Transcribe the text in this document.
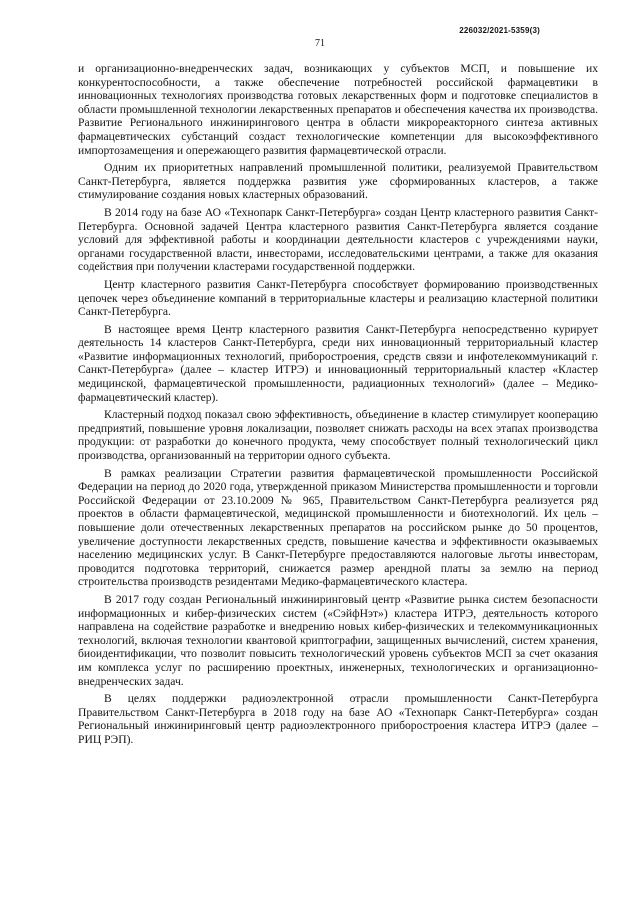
226032/2021-5359(3)
71

и организационно-внедренческих задач, возникающих у субъектов МСП, и повышение их конкурентоспособности, а также обеспечение потребностей российской фармацевтики в инновационных технологиях производства готовых лекарственных форм и подготовке специалистов в области промышленной технологии лекарственных препаратов и обеспечения качества их производства. Развитие Регионального инжинирингового центра в области микрореакторного синтеза активных фармацевтических субстанций создаст технологические компетенции для высокоэффективного импортозамещения и опережающего развития фармацевтической отрасли.

Одним их приоритетных направлений промышленной политики, реализуемой Правительством Санкт-Петербурга, является поддержка развития уже сформированных кластеров, а также стимулирование создания новых кластерных образований.

В 2014 году на базе АО «Технопарк Санкт-Петербурга» создан Центр кластерного развития Санкт-Петербурга. Основной задачей Центра кластерного развития Санкт-Петербурга является создание условий для эффективной работы и координации деятельности кластеров с учреждениями науки, органами государственной власти, инвесторами, исследовательскими центрами, а также для оказания содействия при получении кластерами государственной поддержки.

Центр кластерного развития Санкт-Петербурга способствует формированию производственных цепочек через объединение компаний в территориальные кластеры и реализацию кластерной политики Санкт-Петербурга.

В настоящее время Центр кластерного развития Санкт-Петербурга непосредственно курирует деятельность 14 кластеров Санкт-Петербурга, среди них инновационный территориальный кластер «Развитие информационных технологий, приборостроения, средств связи и инфотелекоммуникаций г. Санкт-Петербурга» (далее – кластер ИТРЭ) и инновационный территориальный кластер «Кластер медицинской, фармацевтической промышленности, радиационных технологий» (далее – Медико-фармацевтический кластер).

Кластерный подход показал свою эффективность, объединение в кластер стимулирует кооперацию предприятий, повышение уровня локализации, позволяет снижать расходы на всех этапах производства продукции: от разработки до конечного продукта, чему способствует полный технологический цикл производства, организованный на территории одного субъекта.

В рамках реализации Стратегии развития фармацевтической промышленности Российской Федерации на период до 2020 года, утвержденной приказом Министерства промышленности и торговли Российской Федерации от 23.10.2009 № 965, Правительством Санкт-Петербурга реализуется ряд проектов в области фармацевтической, медицинской промышленности и биотехнологий. Их цель – повышение доли отечественных лекарственных препаратов на российском рынке до 50 процентов, увеличение доступности лекарственных средств, повышение качества и эффективности оказываемых населению медицинских услуг. В Санкт-Петербурге предоставляются налоговые льготы инвесторам, проводится подготовка территорий, снижается размер арендной платы за землю на период строительства производств резидентами Медико-фармацевтического кластера.

В 2017 году создан Региональный инжиниринговый центр «Развитие рынка систем безопасности информационных и кибер-физических систем («СэйфНэт») кластера ИТРЭ, деятельность которого направлена на содействие разработке и внедрению новых кибер-физических и телекоммуникационных технологий, включая технологии квантовой криптографии, защищенных вычислений, систем хранения, биоидентификации, что позволит повысить технологический уровень субъектов МСП за счет оказания им комплекса услуг по расширению проектных, инженерных, технологических и организационно-внедренческих задач.

В целях поддержки радиоэлектронной отрасли промышленности Санкт-Петербурга Правительством Санкт-Петербурга в 2018 году на базе АО «Технопарк Санкт-Петербурга» создан Региональный инжиниринговый центр радиоэлектронного приборостроения кластера ИТРЭ (далее – РИЦ РЭП).
